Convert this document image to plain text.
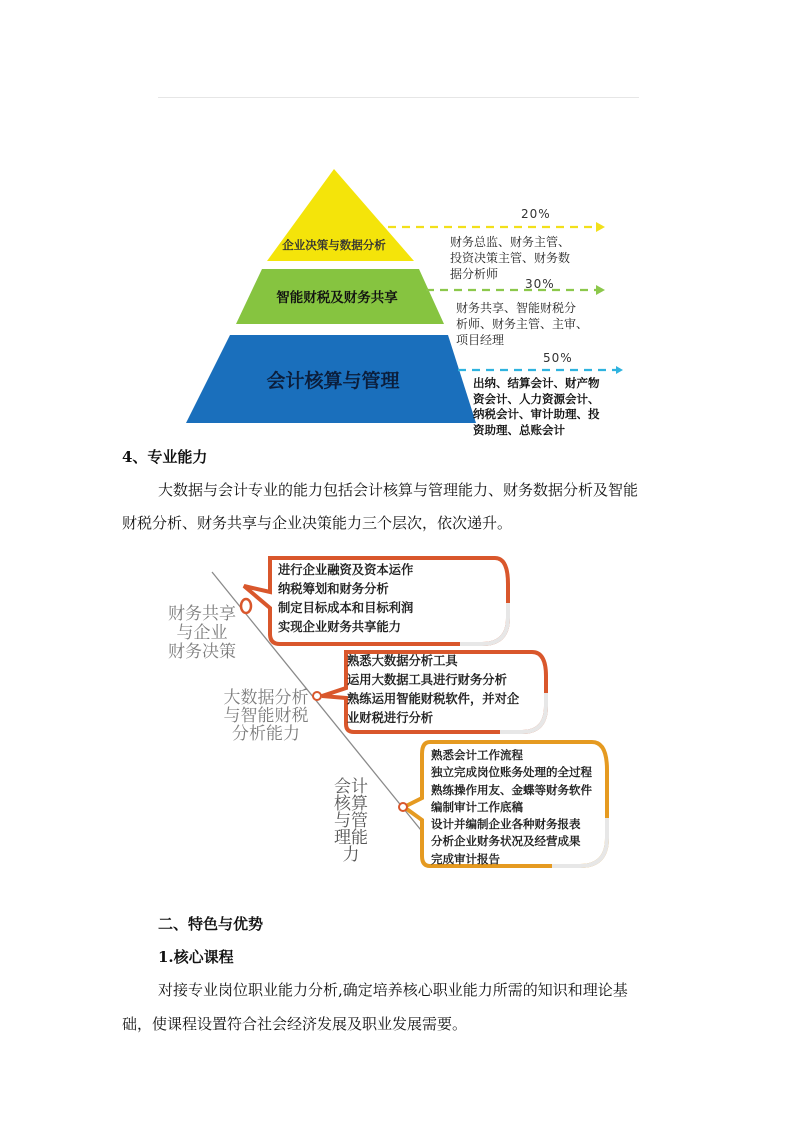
企业决策与数据分析
智能财税及财务共享
会计核算与管理
20%
财务总监、财务主管、
投资决策主管、财务数
据分析师
30%
财务共享、智能财税分
析师、财务主管、主审、
项目经理
50%
出纳、结算会计、财产物
资会计、人力资源会计、
纳税会计、审计助理、投
资助理、总账会计
4、专业能力
大数据与会计专业的能力包括会计核算与管理能力、财务数据分析及智能
财税分析、财务共享与企业决策能力三个层次，依次递升。
财务共享
与企业
财务决策
大数据分析
与智能财税
分析能力
会计
核算
与管
理能
力
进行企业融资及资本运作
纳税筹划和财务分析
制定目标成本和目标利润
实现企业财务共享能力
熟悉大数据分析工具
运用大数据工具进行财务分析
熟练运用智能财税软件，并对企
业财税进行分析
熟悉会计工作流程
独立完成岗位账务处理的全过程
熟练操作用友、金蝶等财务软件
编制审计工作底稿
设计并编制企业各种财务报表
分析企业财务状况及经营成果
完成审计报告
二、特色与优势
1.核心课程
对接专业岗位职业能力分析,确定培养核心职业能力所需的知识和理论基
础，使课程设置符合社会经济发展及职业发展需要。
